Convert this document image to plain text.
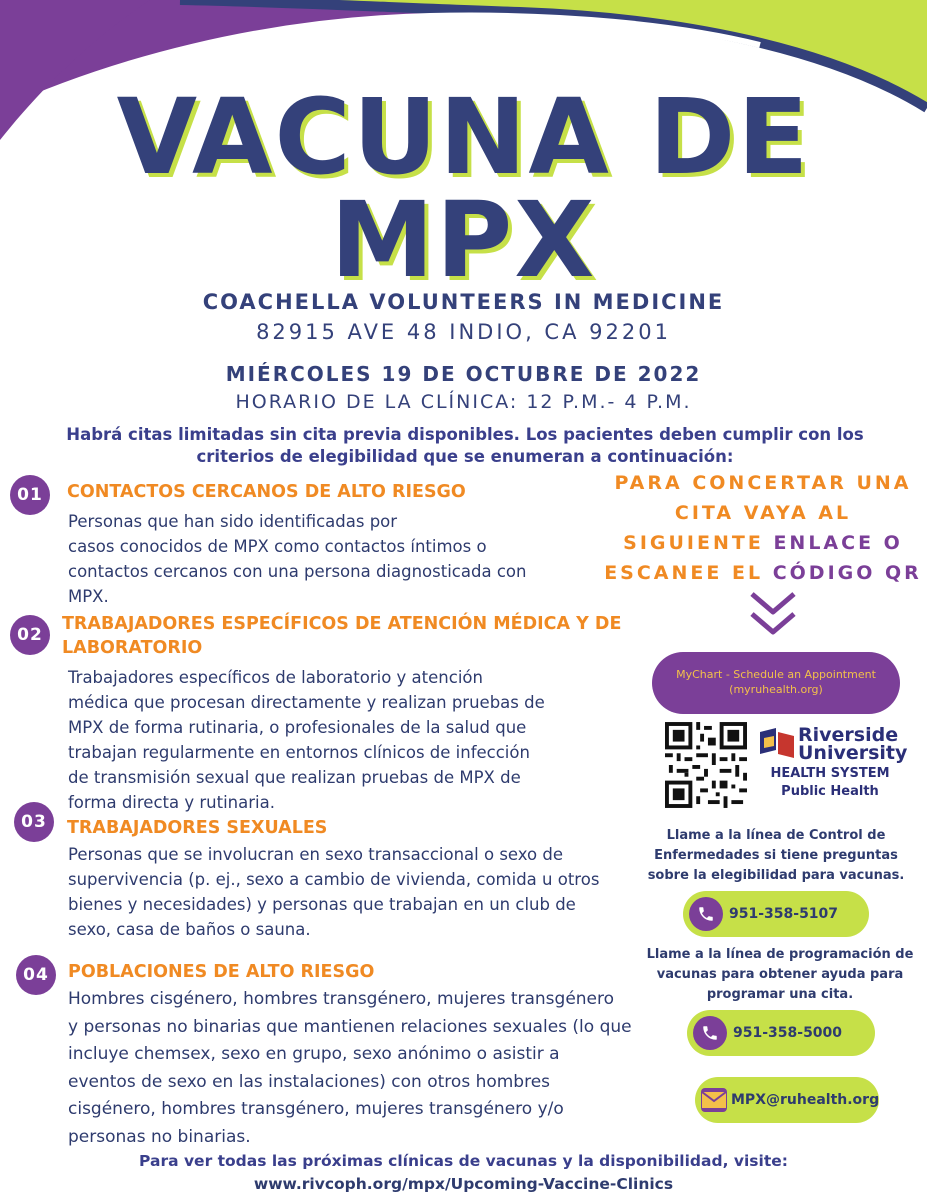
VACUNA DE
MPX
COACHELLA VOLUNTEERS IN MEDICINE
82915 AVE 48 INDIO, CA 92201
MIÉRCOLES 19 DE OCTUBRE DE 2022
HORARIO DE LA CLÍNICA: 12 P.M.- 4 P.M.
Habrá citas limitadas sin cita previa disponibles. Los pacientes deben cumplir con los criterios de elegibilidad que se enumeran a continuación:
01	CONTACTOS CERCANOS DE ALTO RIESGO
Personas que han sido identificadas por
casos conocidos de MPX como contactos íntimos o
contactos cercanos con una persona diagnosticada con
MPX.
02
TRABAJADORES ESPECÍFICOS DE ATENCIÓN MÉDICA Y DE
LABORATORIO
Trabajadores específicos de laboratorio y atención
médica que procesan directamente y realizan pruebas de
MPX de forma rutinaria, o profesionales de la salud que
trabajan regularmente en entornos clínicos de infección
de transmisión sexual que realizan pruebas de MPX de
forma directa y rutinaria.
03	TRABAJADORES SEXUALES
Personas que se involucran en sexo transaccional o sexo de
supervivencia (p. ej., sexo a cambio de vivienda, comida u otros
bienes y necesidades) y personas que trabajan en un club de
sexo, casa de baños o sauna.
04	POBLACIONES DE ALTO RIESGO
Hombres cisgénero, hombres transgénero, mujeres transgénero
y personas no binarias que mantienen relaciones sexuales (lo que
incluye chemsex, sexo en grupo, sexo anónimo o asistir a
eventos de sexo en las instalaciones) con otros hombres
cisgénero, hombres transgénero, mujeres transgénero y/o
personas no binarias.
PARA CONCERTAR UNA
CITA VAYA AL
SIGUIENTE ENLACE O
ESCANEE EL CÓDIGO QR
MyChart - Schedule an Appointment
(myruhealth.org)
Riverside
University
HEALTH SYSTEM
Public Health
Llame a la línea de Control de
Enfermedades si tiene preguntas
sobre la elegibilidad para vacunas.
951-358-5107
Llame a la línea de programación de
vacunas para obtener ayuda para
programar una cita.
951-358-5000
MPX@ruhealth.org
Para ver todas las próximas clínicas de vacunas y la disponibilidad, visite:
www.rivcoph.org/mpx/Upcoming-Vaccine-Clinics
